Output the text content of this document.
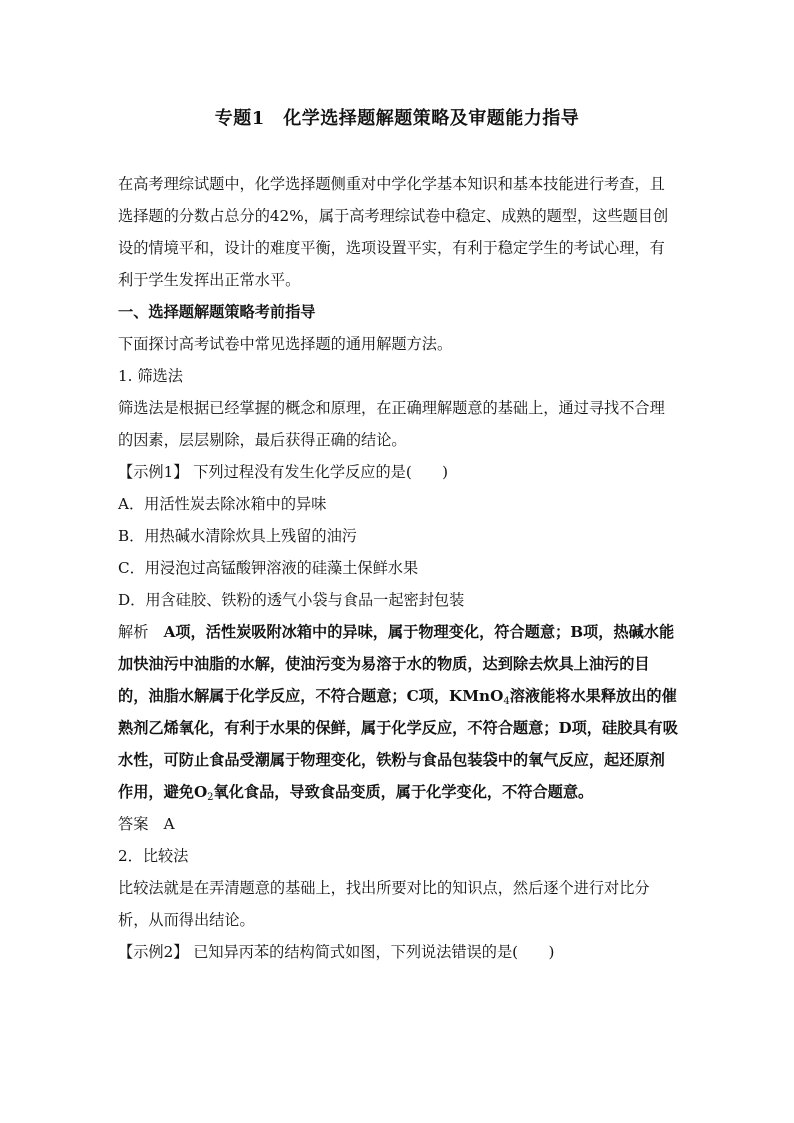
专题1　化学选择题解题策略及审题能力指导

在高考理综试题中，化学选择题侧重对中学化学基本知识和基本技能进行考查，且选择题的分数占总分的42%，属于高考理综试卷中稳定、成熟的题型，这些题目创设的情境平和，设计的难度平衡，选项设置平实，有利于稳定学生的考试心理，有利于学生发挥出正常水平。

一、选择题解题策略考前指导

下面探讨高考试卷中常见选择题的通用解题方法。

1. 筛选法

筛选法是根据已经掌握的概念和原理，在正确理解题意的基础上，通过寻找不合理的因素，层层剔除，最后获得正确的结论。

【示例1】 下列过程没有发生化学反应的是(　　)

A．用活性炭去除冰箱中的异味

B．用热碱水清除炊具上残留的油污

C．用浸泡过高锰酸钾溶液的硅藻土保鲜水果

D．用含硅胶、铁粉的透气小袋与食品一起密封包装

解析　A项，活性炭吸附冰箱中的异味，属于物理变化，符合题意；B项，热碱水能加快油污中油脂的水解，使油污变为易溶于水的物质，达到除去炊具上油污的目的，油脂水解属于化学反应，不符合题意；C项，KMnO$_4$溶液能将水果释放出的催熟剂乙烯氧化，有利于水果的保鲜，属于化学反应，不符合题意；D项，硅胶具有吸水性，可防止食品受潮属于物理变化，铁粉与食品包装袋中的氧气反应，起还原剂作用，避免$O_2$氧化食品，导致食品变质，属于化学变化，不符合题意。

答案　A

2．比较法

比较法就是在弄清题意的基础上，找出所要对比的知识点，然后逐个进行对比分析，从而得出结论。

【示例2】 已知异丙苯的结构简式如图，下列说法错误的是(　　)
